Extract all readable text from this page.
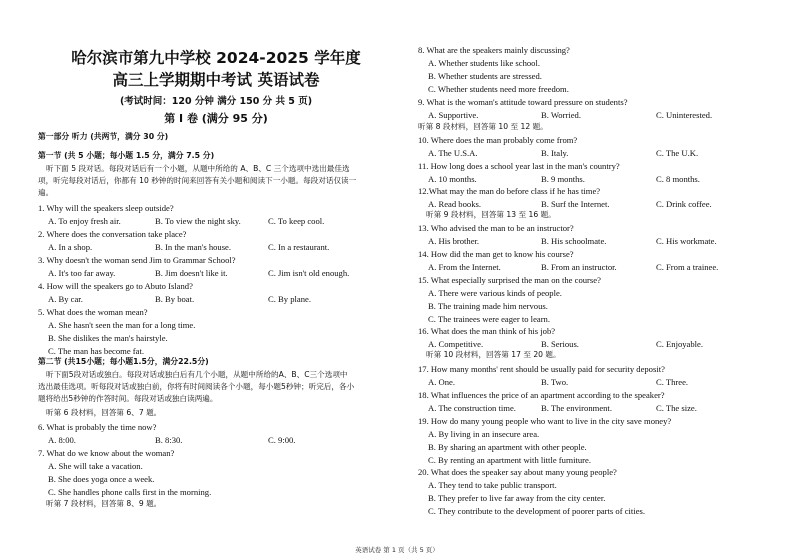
哈尔滨市第九中学校 2024-2025 学年度
高三上学期期中考试 英语试卷
(考试时间：120 分钟 满分 150 分 共 5 页)
第 I 卷 (满分 95 分)
第一部分 听力 (共两节，满分 30 分)
第一节 (共 5 小题；每小题 1.5 分，满分 7.5 分)
听下面 5 段对话。每段对话后有一个小题，从题中所给的 A、B、C 三个选项中选出最佳选
项，听完每段对话后，你都有 10 秒钟的时间来回答有关小题和阅读下一小题。每段对话仅读一
遍。
1. Why will the speakers sleep outside?
A. To enjoy fresh air.	B. To view the night sky.	C. To keep cool.
2. Where does the conversation take place?
A. In a shop.	B. In the man's house.	C. In a restaurant.
3. Why doesn't the woman send Jim to Grammar School?
A. It's too far away.	B. Jim doesn't like it.	C. Jim isn't old enough.
4. How will the speakers go to Abuto Island?
A. By car.	B. By boat.	C. By plane.
5. What does the woman mean?
A. She hasn't seen the man for a long time.
B. She dislikes the man's hairstyle.
C. The man has become fat.
第二节 (共15小题；每小题1.5分，满分22.5分)
听下面5段对话或独白。每段对话或独白后有几个小题，从题中所给的A、B、C三个选项中
选出最佳选项。听每段对话或独白前，你将有时间阅读各个小题，每小题5秒钟；听完后，各小
题将给出5秒钟的作答时间。每段对话或独白读两遍。
听第 6 段材料，回答第 6、7 题。
6. What is probably the time now?
A. 8:00.	B. 8:30.	C. 9:00.
7. What do we know about the woman?
A. She will take a vacation.
B. She does yoga once a week.
C. She handles phone calls first in the morning.
听第 7 段材料，回答第 8、9 题。
8. What are the speakers mainly discussing?
A. Whether students like school.
B. Whether students are stressed.
C. Whether students need more freedom.
9. What is the woman's attitude toward pressure on students?
A. Supportive.	B. Worried.	C. Uninterested.
听第 8 段材料，回答第 10 至 12 题。
10. Where does the man probably come from?
A. The U.S.A.	B. Italy.	C. The U.K.
11. How long does a school year last in the man's country?
A. 10 months.	B. 9 months.	C. 8 months.
12.What may the man do before class if he has time?
A. Read books.	B. Surf the Internet.	C. Drink coffee.
听第 9 段材料，回答第 13 至 16 题。
13. Who advised the man to be an instructor?
A. His brother.	B. His schoolmate.	C. His workmate.
14. How did the man get to know his course?
A. From the Internet.	B. From an instructor.	C. From a trainee.
15. What especially surprised the man on the course?
A. There were various kinds of people.
B. The training made him nervous.
C. The trainees were eager to learn.
16. What does the man think of his job?
A. Competitive.	B. Serious.	C. Enjoyable.
听第 10 段材料，回答第 17 至 20 题。
17. How many months' rent should be usually paid for security deposit?
A. One.	B. Two.	C. Three.
18. What influences the price of an apartment according to the speaker?
A. The construction time.	B. The environment.	C. The size.
19. How do many young people who want to live in the city save money?
A. By living in an insecure area.
B. By sharing an apartment with other people.
C. By renting an apartment with little furniture.
20. What does the speaker say about many young people?
A. They tend to take public transport.
B. They prefer to live far away from the city center.
C. They contribute to the development of poorer parts of cities.
英语试卷 第 1 页（共 5 页）
